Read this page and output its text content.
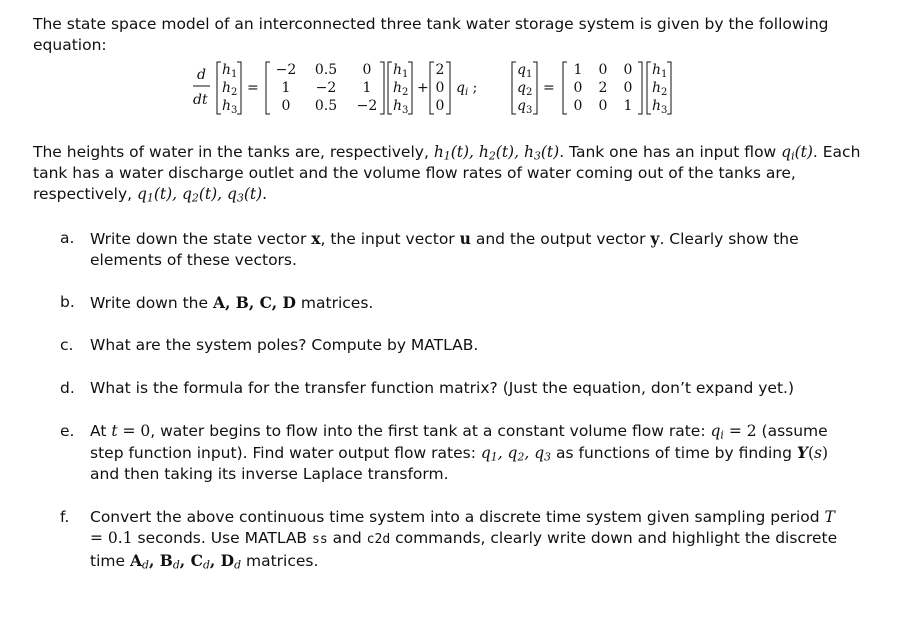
The state space model of an interconnected three tank water storage system is given by the following equation:

d
dt
$h_1$
$h_2$
$h_3$
=
−2 0.5 0
1 −2 1
0 0.5 −2
$h_1$
$h_2$
$h_3$
+
2
0
0
$q_i$ ;
$q_1$
$q_2$
$q_3$
=
1 0 0
0 2 0
0 0 1
$h_1$
$h_2$
$h_3$

The heights of water in the tanks are, respectively, $h_1(t)$, $h_2(t)$, $h_3(t)$. Tank one has an input flow $q_i(t)$. Each tank has a water discharge outlet and the volume flow rates of water coming out of the tanks are, respectively, $q_1(t)$, $q_2(t)$, $q_3(t)$.

a. Write down the state vector x, the input vector u and the output vector y. Clearly show the elements of these vectors.
b. Write down the A, B, C, D matrices.
c. What are the system poles? Compute by MATLAB.
d. What is the formula for the transfer function matrix? (Just the equation, don’t expand yet.)
e. At t = 0, water begins to flow into the first tank at a constant volume flow rate: $q_i = 2$ (assume step function input). Find water output flow rates: $q_1$, $q_2$, $q_3$ as functions of time by finding Y(s) and then taking its inverse Laplace transform.
f. Convert the above continuous time system into a discrete time system given sampling period T = 0.1 seconds. Use MATLAB ss and c2d commands, clearly write down and highlight the discrete time $A_d$, $B_d$, $C_d$, $D_d$ matrices.
